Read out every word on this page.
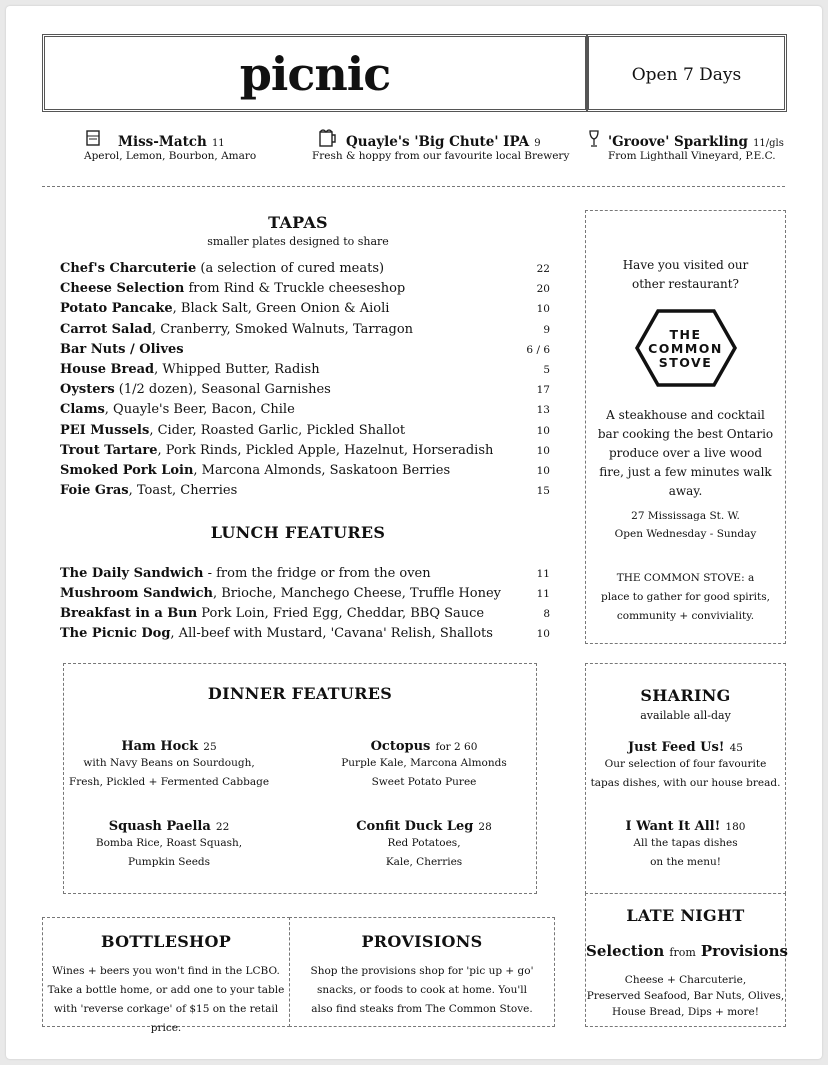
picnic	Open 7 Days
Miss-Match 11
Aperol, Lemon, Bourbon, Amaro
Quayle's 'Big Chute' IPA 9
Fresh & hoppy from our favourite local Brewery
'Groove' Sparkling 11/gls
From Lighthall Vineyard, P.E.C.
TAPAS
smaller plates designed to share
Chef's Charcuterie (a selection of cured meats)	22
Cheese Selection from Rind & Truckle cheeseshop	20
Potato Pancake, Black Salt, Green Onion & Aioli	10
Carrot Salad, Cranberry, Smoked Walnuts, Tarragon	9
Bar Nuts / Olives	6 / 6
House Bread, Whipped Butter, Radish	5
Oysters (1/2 dozen), Seasonal Garnishes	17
Clams, Quayle's Beer, Bacon, Chile	13
PEI Mussels, Cider, Roasted Garlic, Pickled Shallot	10
Trout Tartare, Pork Rinds, Pickled Apple, Hazelnut, Horseradish	10
Smoked Pork Loin, Marcona Almonds, Saskatoon Berries	10
Foie Gras, Toast, Cherries	15
LUNCH FEATURES
The Daily Sandwich - from the fridge or from the oven	11
Mushroom Sandwich, Brioche, Manchego Cheese, Truffle Honey	11
Breakfast in a Bun Pork Loin, Fried Egg, Cheddar, BBQ Sauce	8
The Picnic Dog, All-beef with Mustard, 'Cavana' Relish, Shallots	10
Have you visited our
other restaurant?
THE
COMMON
STOVE
A steakhouse and cocktail
bar cooking the best Ontario
produce over a live wood
fire, just a few minutes walk
away.
27 Mississaga St. W.
Open Wednesday - Sunday
THE COMMON STOVE: a
place to gather for good spirits,
community + conviviality.
DINNER FEATURES
Ham Hock 25
with Navy Beans on Sourdough,
Fresh, Pickled + Fermented Cabbage
Octopus for 2 60
Purple Kale, Marcona Almonds
Sweet Potato Puree
Squash Paella 22
Bomba Rice, Roast Squash,
Pumpkin Seeds
Confit Duck Leg 28
Red Potatoes,
Kale, Cherries
SHARING
available all-day
Just Feed Us! 45
Our selection of four favourite
tapas dishes, with our house bread.
I Want It All! 180
All the tapas dishes
on the menu!
BOTTLESHOP
Wines + beers you won't find in the LCBO.
Take a bottle home, or add one to your table
with 'reverse corkage' of $15 on the retail price.
PROVISIONS
Shop the provisions shop for 'pic up + go'
snacks, or foods to cook at home. You'll
also find steaks from The Common Stove.
LATE NIGHT
Selection from Provisions
Cheese + Charcuterie,
Preserved Seafood, Bar Nuts, Olives,
House Bread, Dips + more!
